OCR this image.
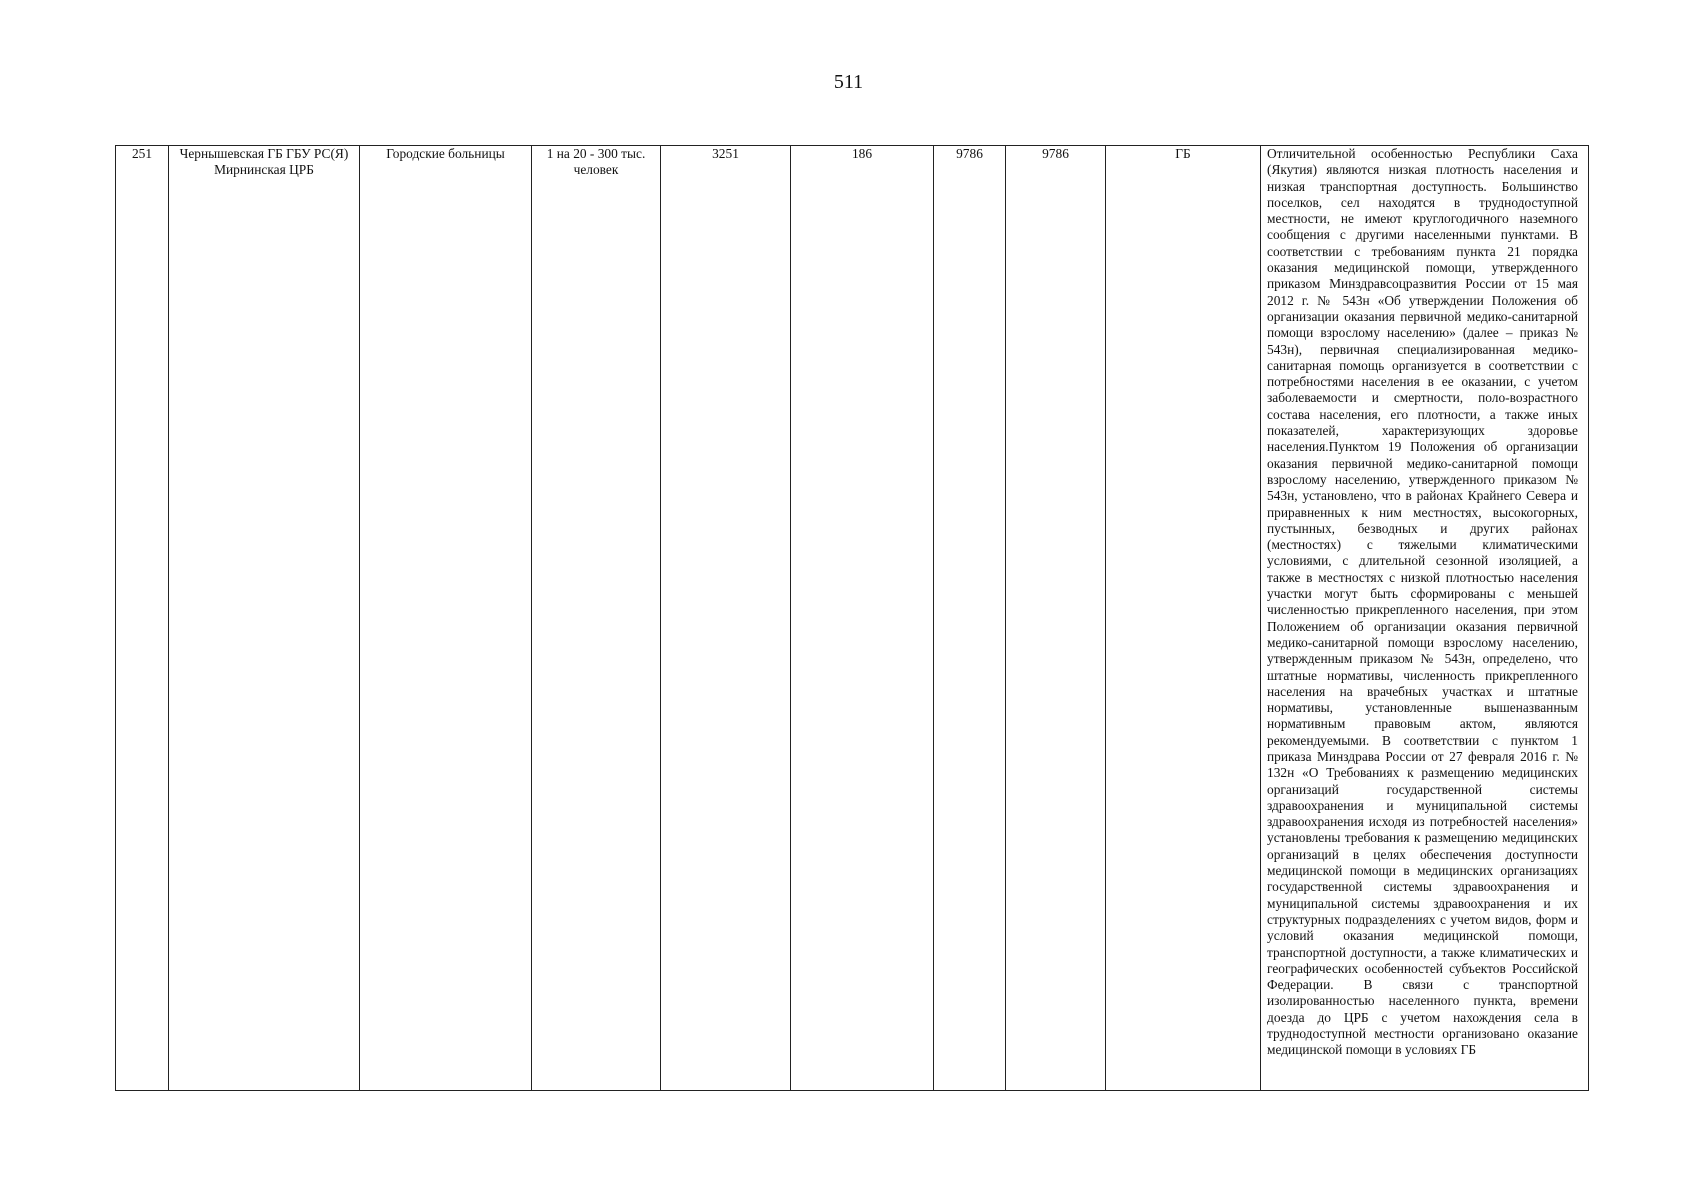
511
251	Чернышевская ГБ ГБУ РС(Я) Мирнинская ЦРБ	Городские больницы	1 на 20 - 300 тыс. человек	3251	186	9786	9786	ГБ	Отличительной особенностью Республики Саха (Якутия) являются низкая плотность населения и низкая транспортная доступность. Большинство поселков, сел находятся в труднодоступной местности, не имеют круглогодичного наземного сообщения с другими населенными пунктами. В соответствии с требованиям пункта 21 порядка оказания медицинской помощи, утвержденного приказом Минздравсоцразвития России от 15 мая 2012 г. № 543н «Об утверждении Положения об организации оказания первичной медико-санитарной помощи взрослому населению» (далее – приказ № 543н), первичная специализированная медико-санитарная помощь организуется в соответствии с потребностями населения в ее оказании, с учетом заболеваемости и смертности, поло-возрастного состава населения, его плотности, а также иных показателей, характеризующих здоровье населения.Пунктом 19 Положения об организации оказания первичной медико-санитарной помощи взрослому населению, утвержденного приказом № 543н, установлено, что в районах Крайнего Севера и приравненных к ним местностях, высокогорных, пустынных, безводных и других районах (местностях) с тяжелыми климатическими условиями, с длительной сезонной изоляцией, а также в местностях с низкой плотностью населения участки могут быть сформированы с меньшей численностью прикрепленного населения, при этом Положением об организации оказания первичной медико-санитарной помощи взрослому населению, утвержденным приказом № 543н, определено, что штатные нормативы, численность прикрепленного населения на врачебных участках и штатные нормативы, установленные вышеназванным нормативным правовым актом, являются рекомендуемыми. В соответствии с пунктом 1 приказа Минздрава России от 27 февраля 2016 г. № 132н «О Требованиях к размещению медицинских организаций государственной системы здравоохранения и муниципальной системы здравоохранения исходя из потребностей населения» установлены требования к размещению медицинских организаций в целях обеспечения доступности медицинской помощи в медицинских организациях государственной системы здравоохранения и муниципальной системы здравоохранения и их структурных подразделениях с учетом видов, форм и условий оказания медицинской помощи, транспортной доступности, а также климатических и географических особенностей субъектов Российской Федерации. В связи с транспортной изолированностью населенного пункта, времени доезда до ЦРБ с учетом нахождения села в труднодоступной местности организовано оказание медицинской помощи в условиях ГБ
